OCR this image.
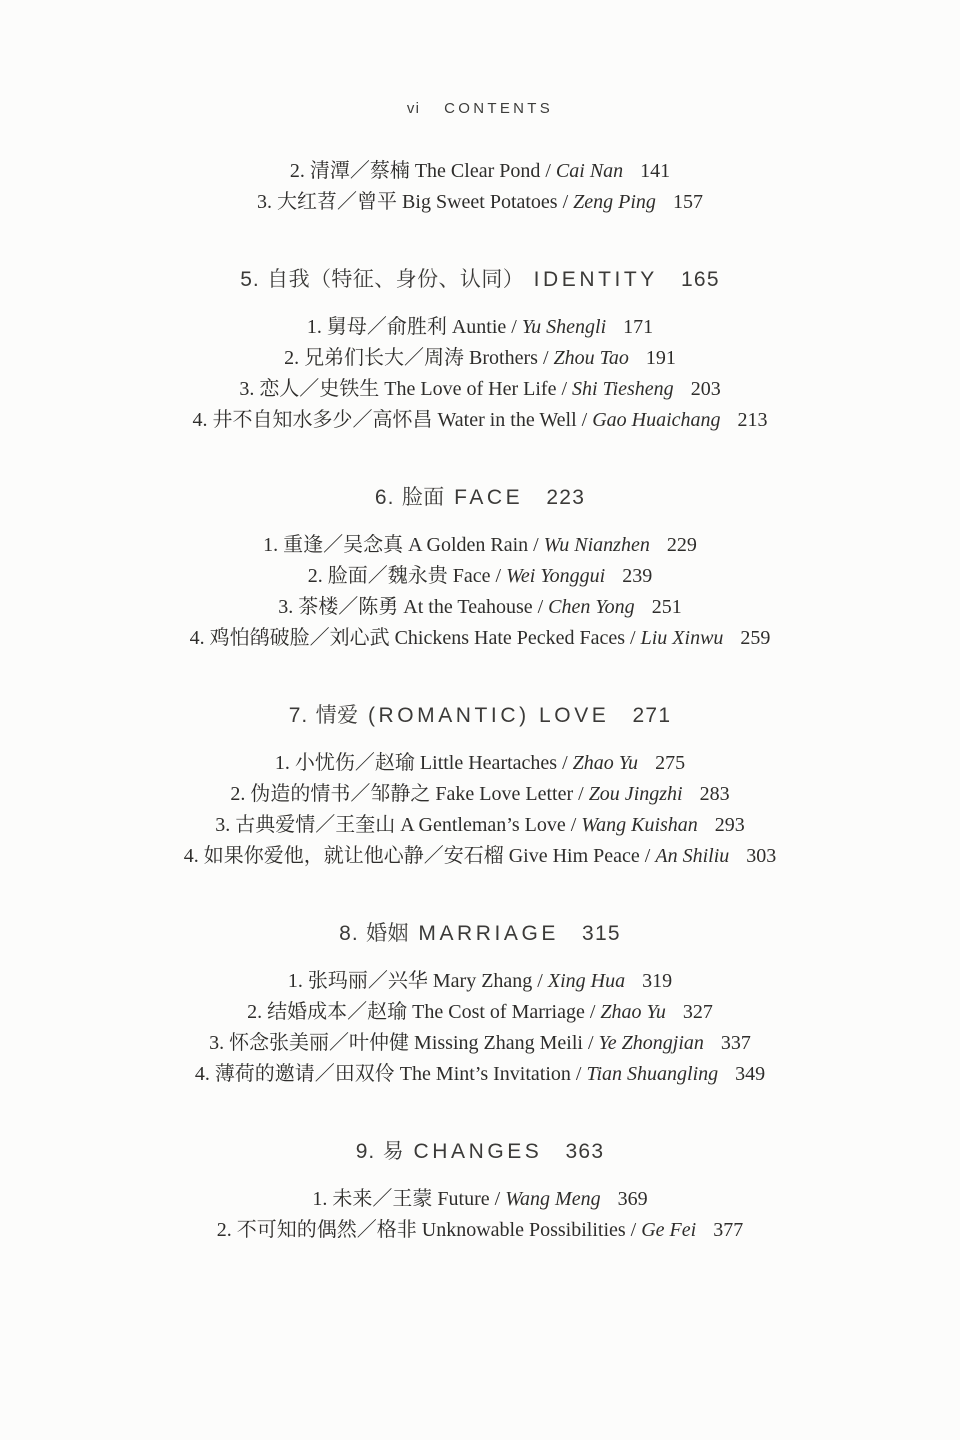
vi CONTENTS
2. 清潭／蔡楠 The Clear Pond / Cai Nan 141
3. 大红苕／曾平 Big Sweet Potatoes / Zeng Ping 157
5. 自我（特征、身份、认同） IDENTITY 165
1. 舅母／俞胜利 Auntie / Yu Shengli 171
2. 兄弟们长大／周涛 Brothers / Zhou Tao 191
3. 恋人／史铁生 The Love of Her Life / Shi Tiesheng 203
4. 井不自知水多少／高怀昌 Water in the Well / Gao Huaichang 213
6. 脸面 FACE 223
1. 重逢／吴念真 A Golden Rain / Wu Nianzhen 229
2. 脸面／魏永贵 Face / Wei Yonggui 239
3. 茶楼／陈勇 At the Teahouse / Chen Yong 251
4. 鸡怕鹐破脸／刘心武 Chickens Hate Pecked Faces / Liu Xinwu 259
7. 情爱 (ROMANTIC) LOVE 271
1. 小忧伤／赵瑜 Little Heartaches / Zhao Yu 275
2. 伪造的情书／邹静之 Fake Love Letter / Zou Jingzhi 283
3. 古典爱情／王奎山 A Gentleman’s Love / Wang Kuishan 293
4. 如果你爱他，就让他心静／安石榴 Give Him Peace / An Shiliu 303
8. 婚姻 MARRIAGE 315
1. 张玛丽／兴华 Mary Zhang / Xing Hua 319
2. 结婚成本／赵瑜 The Cost of Marriage / Zhao Yu 327
3. 怀念张美丽／叶仲健 Missing Zhang Meili / Ye Zhongjian 337
4. 薄荷的邀请／田双伶 The Mint’s Invitation / Tian Shuangling 349
9. 易 CHANGES 363
1. 未来／王蒙 Future / Wang Meng 369
2. 不可知的偶然／格非 Unknowable Possibilities / Ge Fei 377
